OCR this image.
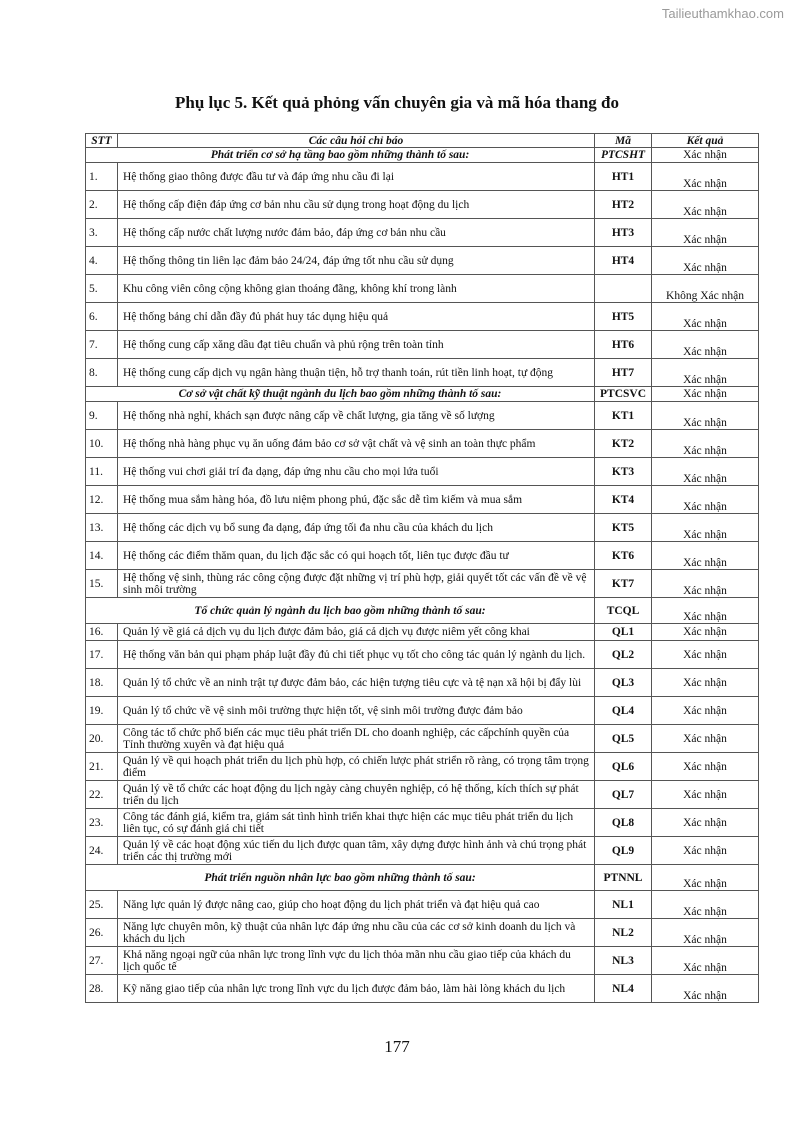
Tailieuthamkhao.com
Phụ lục 5. Kết quả phỏng vấn chuyên gia và mã hóa thang đo
STT	Các câu hỏi chỉ báo	Mã	Kết quả
Phát triển cơ sở hạ tầng bao gồm những thành tố sau:		PTCSHT	Xác nhận
1.	Hệ thống giao thông được đầu tư và đáp ứng nhu cầu đi lại	HT1	Xác nhận
2.	Hệ thống cấp điện đáp ứng cơ bản nhu cầu sử dụng trong hoạt động du lịch	HT2	Xác nhận
3.	Hệ thống cấp nước chất lượng nước đảm bảo, đáp ứng cơ bản nhu cầu	HT3	Xác nhận
4.	Hệ thống thông tin liên lạc đảm bảo 24/24, đáp ứng tốt nhu cầu sử dụng	HT4	Xác nhận
5.	Khu công viên công cộng không gian thoáng đãng, không khí trong lành		Không Xác nhận
6.	Hệ thống bảng chỉ dẫn đầy đủ phát huy tác dụng hiệu quả	HT5	Xác nhận
7.	Hệ thống cung cấp xăng dầu đạt tiêu chuẩn và phủ rộng trên toàn tỉnh	HT6	Xác nhận
8.	Hệ thống cung cấp dịch vụ ngân hàng thuận tiện, hỗ trợ thanh toán, rút tiền linh hoạt, tự động	HT7	Xác nhận
Cơ sở vật chất kỹ thuật ngành du lịch bao gồm những thành tố sau:		PTCSVC	Xác nhận
9.	Hệ thống nhà nghỉ, khách sạn được nâng cấp về chất lượng, gia tăng về số lượng	KT1	Xác nhận
10.	Hệ thống nhà hàng phục vụ ăn uống đảm bảo cơ sở vật chất và vệ sinh an toàn thực phẩm	KT2	Xác nhận
11.	Hệ thống vui chơi giải trí đa dạng, đáp ứng nhu cầu cho mọi lứa tuổi	KT3	Xác nhận
12.	Hệ thống mua sắm hàng hóa, đồ lưu niệm phong phú, đặc sắc dễ tìm kiếm và mua sắm	KT4	Xác nhận
13.	Hệ thống các dịch vụ bổ sung đa dạng, đáp ứng tối đa nhu cầu của khách du lịch	KT5	Xác nhận
14.	Hệ thống các điểm thăm quan, du lịch đặc sắc có qui hoạch tốt, liên tục được đầu tư	KT6	Xác nhận
15.	Hệ thống vệ sinh, thùng rác công cộng được đặt những vị trí phù hợp, giải quyết tốt các vấn đề về vệ sinh môi trường	KT7	Xác nhận
Tổ chức quản lý ngành du lịch bao gồm những thành tố sau:		TCQL	Xác nhận
16.	Quản lý về giá cả dịch vụ du lịch được đảm bảo, giá cả dịch vụ được niêm yết công khai	QL1	Xác nhận
17.	Hệ thống văn bản qui phạm pháp luật đầy đủ chi tiết phục vụ tốt cho công tác quản lý ngành du lịch.	QL2	Xác nhận
18.	Quản lý tổ chức về an ninh trật tự được đảm bảo, các hiện tượng tiêu cực và tệ nạn xã hội bị đẩy lùi	QL3	Xác nhận
19.	Quản lý tổ chức về vệ sinh môi trường thực hiện tốt, vệ sinh môi trường được đảm bảo	QL4	Xác nhận
20.	Công tác tổ chức phổ biến các mục tiêu phát triển DL cho doanh nghiệp, các cấpchính quyền của Tỉnh thường xuyên và đạt hiệu quả	QL5	Xác nhận
21.	Quản lý về qui hoạch phát triển du lịch phù hợp, có chiến lược phát striển rõ ràng, có trọng tâm trọng điểm	QL6	Xác nhận
22.	Quản lý về tổ chức các hoạt động du lịch ngày càng chuyên nghiệp, có hệ thống, kích thích sự phát triển du lịch	QL7	Xác nhận
23.	Công tác đánh giá, kiểm tra, giám sát tình hình triển khai thực hiện các mục tiêu phát triển du lịch liên tục, có sự đánh giá chi tiết	QL8	Xác nhận
24.	Quản lý về các hoạt động xúc tiến du lịch được quan tâm, xây dựng được hình ảnh và chú trọng phát triển các thị trường mới	QL9	Xác nhận
Phát triển nguồn nhân lực bao gồm những thành tố sau:		PTNNL	Xác nhận
25.	Năng lực quản lý được nâng cao, giúp cho hoạt động du lịch phát triển và đạt hiệu quả cao	NL1	Xác nhận
26.	Năng lực chuyên môn, kỹ thuật của nhân lực đáp ứng nhu cầu của các cơ sở kinh doanh du lịch và khách du lịch	NL2	Xác nhận
27.	Khả năng ngoại ngữ của nhân lực trong lĩnh vực du lịch thỏa mãn nhu cầu giao tiếp của khách du lịch quốc tế	NL3	Xác nhận
28.	Kỹ năng giao tiếp của nhân lực trong lĩnh vực du lịch được đảm bảo, làm hài lòng khách du lịch	NL4	Xác nhận
177
